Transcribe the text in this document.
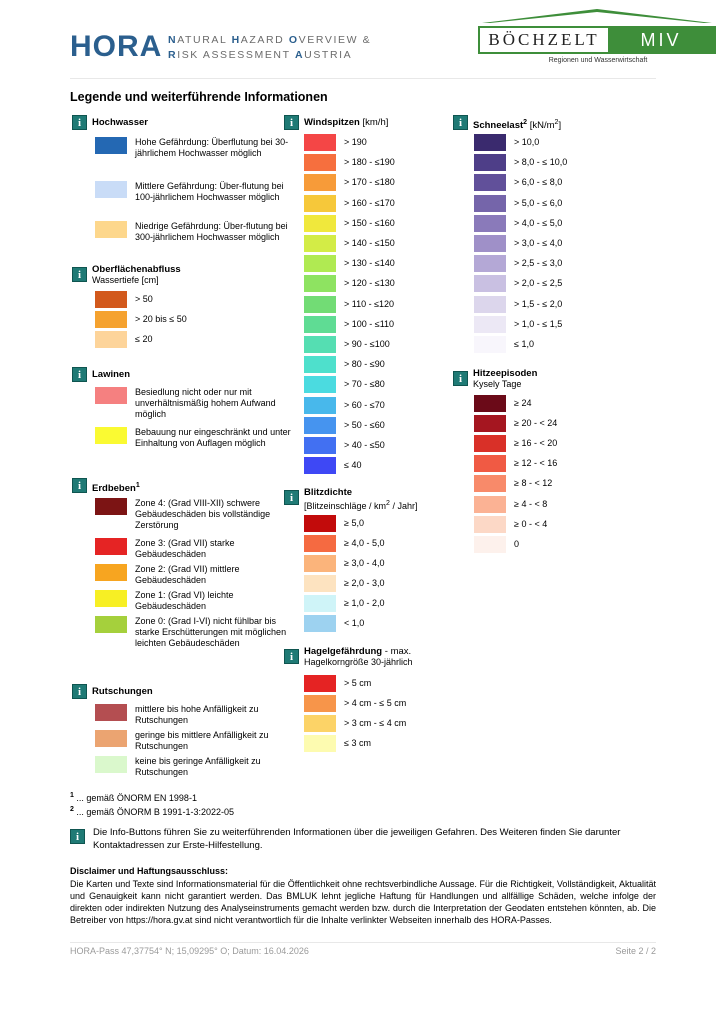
HORA NATURAL HAZARD OVERVIEW &
RISK ASSESSMENT AUSTRIA
BÖCHZELT	MIV
Regionen und Wasserwirtschaft
Legende und weiterführende Informationen
i	Hochwasser
i	Oberflächenabfluss
Wassertiefe [cm]
i	Lawinen
i	Erdbeben$^1$
i	Rutschungen
i	Windspitzen [km/h]
i	Blitzdichte
[Blitzeinschläge / $km^2$ / Jahr]
i	Hagelgefährdung - max.
Hagelkorngröße 30-jährlich
i	Schneelast$^2$ $[kN/m^2]$
i	Hitzeepisoden
Kysely Tage
$^1$ ... gemäß ÖNORM EN 1998-1
$^2$ ... gemäß ÖNORM B 1991-1-3:2022-05
i	Die Info-Buttons führen Sie zu weiterführenden Informationen über die jeweiligen Gefahren. Des Weiteren finden Sie darunter Kontaktadressen zur Erste-Hilfestellung.
Disclaimer und Haftungsausschluss:
Die Karten und Texte sind Informationsmaterial für die Öffentlichkeit ohne rechtsverbindliche Aussage. Für die Richtigkeit, Vollständigkeit, Aktualität und Genauigkeit kann nicht garantiert werden. Das BMLUK lehnt jegliche Haftung für Handlungen und allfällige Schäden, welche infolge der direkten oder indirekten Nutzung des Analyseinstruments gemacht werden bzw. durch die Interpretation der Geodaten entstehen könnten, ab. Die Betreiber von https://hora.gv.at sind nicht verantwortlich für die Inhalte verlinkter Webseiten innerhalb des HORA-Passes.
HORA-Pass 47,37754° N; 15,09295° O; Datum: 16.04.2026	Seite 2 / 2
Hohe Gefährdung: Überflutung bei 30-jährlichem Hochwasser möglich
Mittlere Gefährdung: Über-flutung bei 100-jährlichem Hochwasser möglich
Niedrige Gefährdung: Über-flutung bei 300-jährlichem Hochwasser möglich
> 50
> 20 bis ≤ 50
≤ 20
Besiedlung nicht oder nur mit unverhältnismäßig hohem Aufwand möglich
Bebauung nur eingeschränkt und unter Einhaltung von Auflagen möglich
Zone 4: (Grad VIII-XII) schwere Gebäudeschäden bis vollständige Zerstörung
Zone 3: (Grad VII) starke Gebäudeschäden
Zone 2: (Grad VII) mittlere Gebäudeschäden
Zone 1: (Grad VI) leichte Gebäudeschäden
Zone 0: (Grad I-VI) nicht fühlbar bis starke Erschütterungen mit möglichen leichten Gebäudeschäden
mittlere bis hohe Anfälligkeit zu Rutschungen
geringe bis mittlere Anfälligkeit zu Rutschungen
keine bis geringe Anfälligkeit zu Rutschungen
> 190
> 180 - ≤190
> 170 - ≤180
> 160 - ≤170
> 150 - ≤160
> 140 - ≤150
> 130 - ≤140
> 120 - ≤130
> 110 - ≤120
> 100 - ≤110
> 90 - ≤100
> 80 - ≤90
> 70 - ≤80
> 60 - ≤70
> 50 - ≤60
> 40 - ≤50
≤ 40
≥ 5,0
≥ 4,0 - 5,0
≥ 3,0 - 4,0
≥ 2,0 - 3,0
≥ 1,0 - 2,0
< 1,0
> 5 cm
> 4 cm - ≤ 5 cm
> 3 cm - ≤ 4 cm
≤ 3 cm
> 10,0
> 8,0 - ≤ 10,0
> 6,0 - ≤ 8,0
> 5,0 - ≤ 6,0
> 4,0 - ≤ 5,0
> 3,0 - ≤ 4,0
> 2,5 - ≤ 3,0
> 2,0 - ≤ 2,5
> 1,5 - ≤ 2,0
> 1,0 - ≤ 1,5
≤ 1,0
≥ 24
≥ 20 - < 24
≥ 16 - < 20
≥ 12 - < 16
≥ 8 - < 12
≥ 4 - < 8
≥ 0 - < 4
0
